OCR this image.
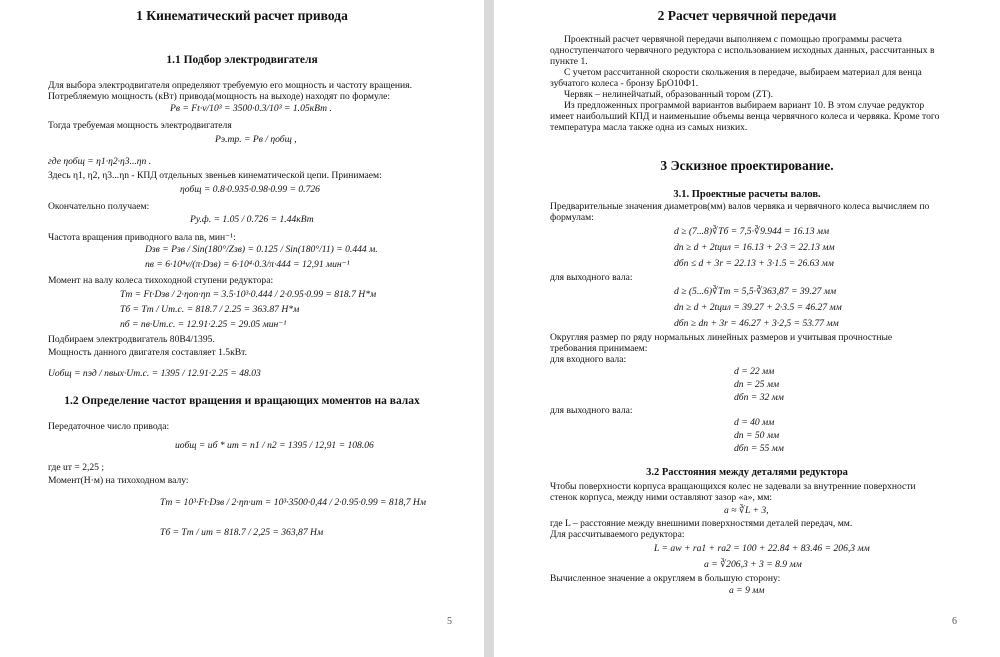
1 Кинематический расчет привода
1.1 Подбор электродвигателя
Для выбора электродвигателя определяют требуемую его мощность и частоту вращения.
Потребляемую мощность (кВт) привода(мощность на выходе) находят по формуле:
Pв = Ft·v/10³ = 3500·0.3/10³ = 1.05кВт .
Тогда требуемая мощность электродвигателя
Pэ.тр. = Pв / ηобщ ,
где ηобщ = η1·η2·η3...ηn .
Здесь η1, η2, η3...ηn - КПД отдельных звеньев кинематической цепи. Принимаем:
ηобщ = 0.8·0.935·0.98·0.99 = 0.726
Окончательно получаем:
Pу.ф. = 1.05 / 0.726 = 1.44кВт
Частота вращения приводного вала nв, мин⁻¹:
Dзв = Pзв / Sin(180°/Zзв) = 0.125 / Sin(180°/11) = 0.444 м.
nв = 6·10⁴v/(π·Dзв) = 6·10⁴·0.3/π·444 = 12,91 мин⁻¹
Момент на валу колеса тихоходной ступени редуктора:
Tт = Ft·Dзв / 2·ηоп·ηп = 3.5·10³·0.444 / 2·0.95·0.99 = 818.7 Н*м
Tб = Tт / Uт.с. = 818.7 / 2.25 = 363.87 Н*м
nб = nв·Uт.с. = 12.91·2.25 = 29.05 мин⁻¹
Подбираем электродвигатель 80В4/1395.
Мощность данного двигателя составляет 1.5кВт.
Uобщ = nэд / nвых·Uт.с. = 1395 / 12.91·2.25 = 48.03
1.2 Определение частот вращения и вращающих моментов на валах
Передаточное число привода:
uобщ = uб * uт = n1 / n2 = 1395 / 12,91 = 108.06
где uт = 2,25 ;
Момент(Н·м) на тихоходном валу:
Tт = 10³·Ft·Dзв / 2·ηп·uт = 10³·3500·0,44 / 2·0.95·0.99 = 818,7 Нм
Tб = Tт / uт = 818.7 / 2,25 = 363,87 Нм
5
2 Расчет червячной передачи
Проектный расчет червячной передачи выполняем с помощью программы расчета
одноступенчатого червячного редуктора с использованием исходных данных, рассчитанных в
пункте 1.
С учетом рассчитанной скорости скольжения в передаче, выбираем материал для венца
зубчатого колеса - бронзу БрО10Ф1.
Червяк – нелинейчатый, образованный тором (ZT).
Из предложенных программой вариантов выбираем вариант 10. В этом случае редуктор
имеет наибольший КПД и наименьшие объемы венца червячного колеса и червяка. Кроме того
температура масла также одна из самых низких.
3 Эскизное проектирование.
3.1. Проектные расчеты валов.
Предварительные значения диаметров(мм) валов червяка и червячного колеса вычисляем по
формулам:
d ≥ (7...8)∛Tб = 7,5·∛9.944 = 16.13 мм
dп ≥ d + 2tцил = 16.13 + 2·3 = 22.13 мм
dбп ≤ d + 3r = 22.13 + 3·1.5 = 26.63 мм
для выходного вала:
d ≥ (5...6)∛Tт = 5,5·∛363,87 = 39.27 мм
dп ≥ d + 2tцил = 39.27 + 2·3.5 = 46.27 мм
dбп ≥ dп + 3r = 46.27 + 3·2,5 = 53.77 мм
Округляя размер по ряду нормальных линейных размеров и учитывая прочностные
требования принимаем:
для входного вала:
d = 22 мм
dп = 25 мм
dбп = 32 мм
для выходного вала:
d = 40 мм
dп = 50 мм
dбп = 55 мм
3.2 Расстояния между деталями редуктора
Чтобы поверхности корпуса вращающихся колес не задевали за внутренние поверхности
стенок корпуса, между ними оставляют зазор «a», мм:
a ≈ ∛L + 3,
где L – расстояние между внешними поверхностями деталей передач, мм.
Для рассчитываемого редуктора:
L = aw + ra1 + ra2 = 100 + 22.84 + 83.46 = 206,3 мм
a = ∛206,3 + 3 = 8.9 мм
Вычисленное значение a округляем в большую сторону:
a = 9 мм
6
